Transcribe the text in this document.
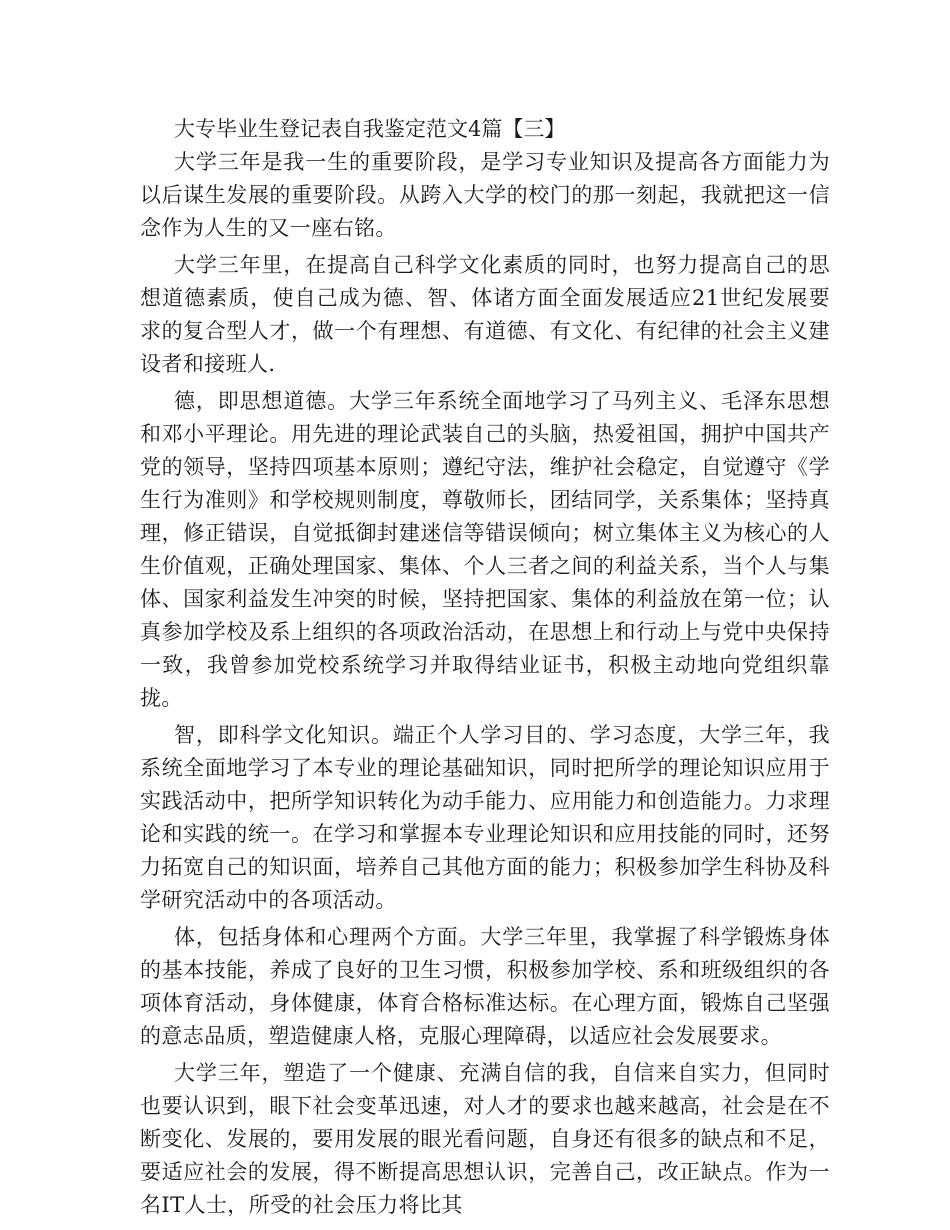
大专毕业生登记表自我鉴定范文4篇【三】

大学三年是我一生的重要阶段，是学习专业知识及提高各方面能力为以后谋生发展的重要阶段。从跨入大学的校门的那一刻起，我就把这一信念作为人生的又一座右铭。

大学三年里，在提高自己科学文化素质的同时，也努力提高自己的思想道德素质，使自己成为德、智、体诸方面全面发展适应21世纪发展要求的复合型人才，做一个有理想、有道德、有文化、有纪律的社会主义建设者和接班人.

德，即思想道德。大学三年系统全面地学习了马列主义、毛泽东思想和邓小平理论。用先进的理论武装自己的头脑，热爱祖国，拥护中国共产党的领导，坚持四项基本原则；遵纪守法，维护社会稳定，自觉遵守《学生行为准则》和学校规则制度，尊敬师长，团结同学，关系集体；坚持真理，修正错误，自觉抵御封建迷信等错误倾向；树立集体主义为核心的人生价值观，正确处理国家、集体、个人三者之间的利益关系，当个人与集体、国家利益发生冲突的时候，坚持把国家、集体的利益放在第一位；认真参加学校及系上组织的各项政治活动，在思想上和行动上与党中央保持一致，我曾参加党校系统学习并取得结业证书，积极主动地向党组织靠拢。

智，即科学文化知识。端正个人学习目的、学习态度，大学三年，我系统全面地学习了本专业的理论基础知识，同时把所学的理论知识应用于实践活动中，把所学知识转化为动手能力、应用能力和创造能力。力求理论和实践的统一。在学习和掌握本专业理论知识和应用技能的同时，还努力拓宽自己的知识面，培养自己其他方面的能力；积极参加学生科协及科学研究活动中的各项活动。

体，包括身体和心理两个方面。大学三年里，我掌握了科学锻炼身体的基本技能，养成了良好的卫生习惯，积极参加学校、系和班级组织的各项体育活动，身体健康，体育合格标准达标。在心理方面，锻炼自己坚强的意志品质，塑造健康人格，克服心理障碍，以适应社会发展要求。

大学三年，塑造了一个健康、充满自信的我，自信来自实力，但同时也要认识到，眼下社会变革迅速，对人才的要求也越来越高，社会是在不断变化、发展的，要用发展的眼光看问题，自身还有很多的缺点和不足，要适应社会的发展，得不断提高思想认识，完善自己，改正缺点。作为一名IT人士，所受的社会压力将比其
